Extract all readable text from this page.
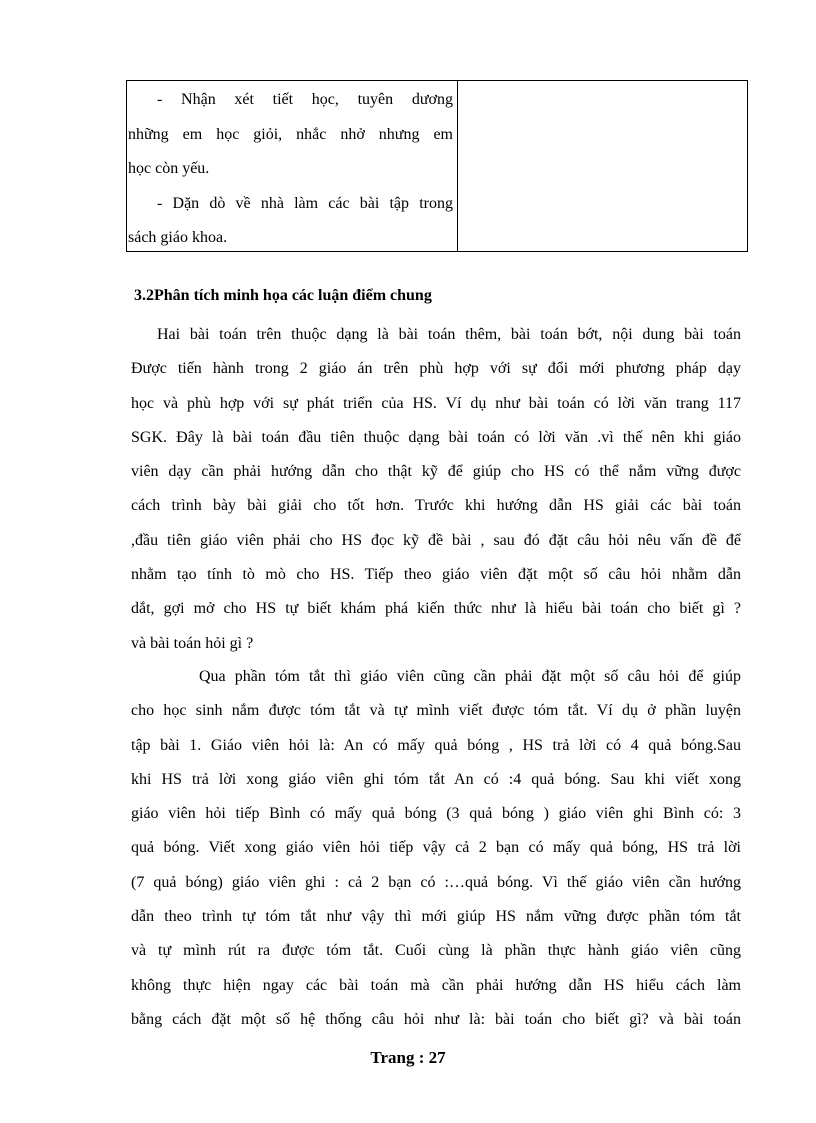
- Nhận xét tiết học, tuyên dương
những em học giỏi, nhắc nhở nhưng em
học còn yếu.
- Dặn dò về nhà làm các bài tập trong
sách giáo khoa.
3.2Phân tích minh họa các luận điểm chung
Hai bài toán trên thuộc dạng là bài toán thêm, bài toán bớt, nội dung bài toán
Được tiến hành trong 2 giáo án trên phù hợp với sự đổi mới phương pháp dạy
học và phù hợp với sự phát triển của HS. Ví dụ như bài toán có lời văn trang 117
SGK. Đây là bài toán đầu tiên thuộc dạng bài toán có lời văn .vì thế nên khi giáo
viên dạy cần phải hướng dẫn cho thật kỹ để giúp cho HS có thể nắm vững được
cách trình bày bài giải cho tốt hơn. Trước khi hướng dẫn HS giải các bài toán
,đầu tiên giáo viên phải cho HS đọc kỹ đề bài , sau đó đặt câu hỏi nêu vấn đề để
nhằm tạo tính tò mò cho HS. Tiếp theo giáo viên đặt một số câu hỏi nhằm dẫn
dắt, gợi mở cho HS tự biết khám phá kiến thức như là hiểu bài toán cho biết gì ?
và bài toán hỏi gì ?
Qua phần tóm tắt thì giáo viên cũng cần phải đặt một số câu hỏi để giúp
cho học sinh nắm được tóm tắt và tự mình viết được tóm tắt. Ví dụ ở phần luyện
tập bài 1. Giáo viên hỏi là: An có mấy quả bóng , HS trả lời có 4 quả bóng.Sau
khi HS trả lời xong giáo viên ghi tóm tắt An có :4 quả bóng. Sau khi viết xong
giáo viên hỏi tiếp Bình có mấy quả bóng (3 quả bóng ) giáo viên ghi Bình có: 3
quả bóng. Viết xong giáo viên hỏi tiếp vậy cả 2 bạn có mấy quả bóng, HS trả lời
(7 quả bóng) giáo viên ghi : cả 2 bạn có :…quả bóng. Vì thế giáo viên cần hướng
dẫn theo trình tự tóm tắt như vậy thì mới giúp HS nắm vững được phần tóm tắt
và tự mình rút ra được tóm tắt. Cuối cùng là phần thực hành giáo viên cũng
không thực hiện ngay các bài toán mà cần phải hướng dẫn HS hiểu cách làm
bằng cách đặt một số hệ thống câu hỏi như là: bài toán cho biết gì? và bài toán
Trang : 27
